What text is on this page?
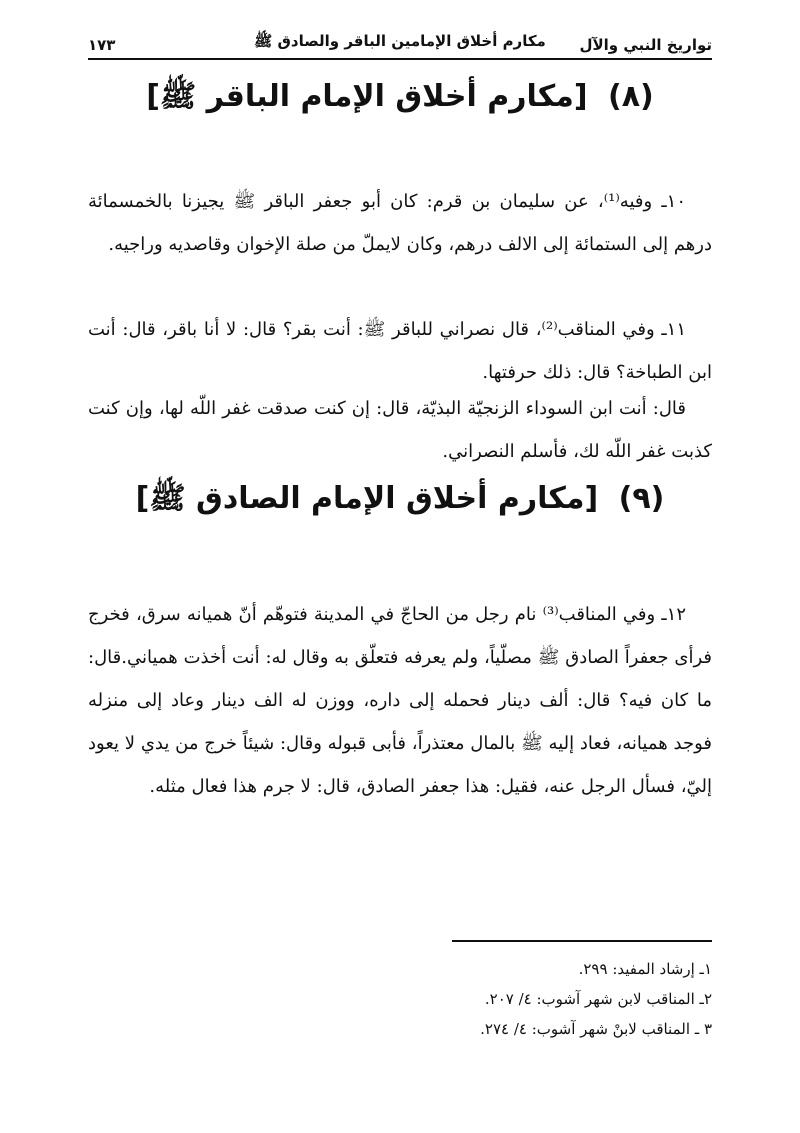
تواريخ النبي والآل
مكارم أخلاق الإمامين الباقر والصادق ﷺ
١٧٣
(٨) [مكارم أخلاق الإمام الباقر ﷺ]

١٠ـ وفيه⁽¹⁾، عن سليمان بن قرم: كان أبو جعفر الباقر ﷺ يجيزنا بالخمسمائة درهم إلى الستمائة إلى الالف درهم، وكان لايملّ من صلة الإخوان وقاصديه وراجيه.

١١ـ وفي المناقب⁽²⁾، قال نصراني للباقر ﷺ: أنت بقر؟ قال: لا أنا باقر، قال: أنت ابن الطباخة؟ قال: ذلك حرفتها.

قال: أنت ابن السوداء الزنجيّة البذيّة، قال: إن كنت صدقت غفر اللّه لها، وإن كنت كذبت غفر اللّه لك، فأسلم النصراني.

(٩) [مكارم أخلاق الإمام الصادق ﷺ]

١٢ـ وفي المناقب⁽³⁾ نام رجل من الحاجّ في المدينة فتوهّم أنّ هميانه سرق، فخرج فرأى جعفراً الصادق ﷺ مصلّياً، ولم يعرفه فتعلّق به وقال له: أنت أخذت همياني.قال: ما كان فيه؟ قال: ألف دينار فحمله إلى داره، ووزن له الف دينار وعاد إلى منزله فوجد هميانه، فعاد إليه ﷺ بالمال معتذراً، فأبى قبوله وقال: شيئاً خرج من يدي لا يعود إليّ، فسأل الرجل عنه، فقيل: هذا جعفر الصادق، قال: لا جرم هذا فعال مثله.

١ـ إرشاد المفيد: ٢٩٩.
٢ـ المناقب لابن شهر آشوب: ٤/ ٢٠٧.
٣ ـ المناقب لابنْ شهر آشوب: ٤/ ٢٧٤.
